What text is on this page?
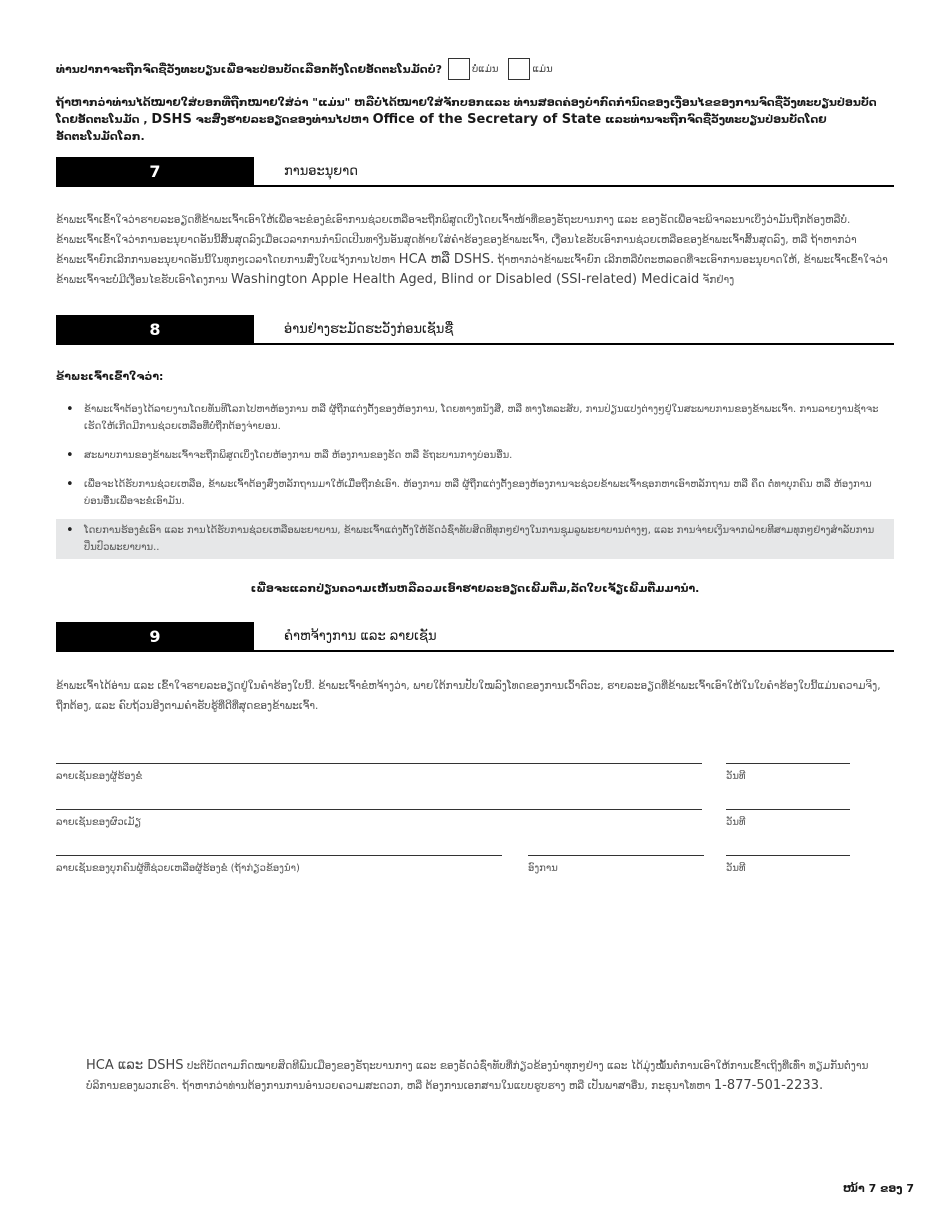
ທ່ານປາກາຈະຖືກຈົດຊື່ວັງທະບຽນເພື່ອຈະປ່ອນບັດເລືອກຕັ້ງໂດຍອັດຕະໂນມັດບໍ?	ບໍ່ແມ່ນ	ແມ່ນ
ຖ້າຫາກວ່າທ່ານໄດ້ໝາຍໃສ່ບອກທີ່ຖືກໝາຍໃສ່ວ່າ "ແມ່ນ" ຫລືບໍ່ໄດ້ໝາຍໃສ່ຈັກບອກແລະ ທ່ານສອດຄ່ອງບໍາກົດກໍານົດຂອງເງື່ອນໄຂຂອງການຈົດຊື່ວັງທະບຽນປ່ອນບັດໂດຍອັດຕະໂນມັດ , DSHS ຈະສົ່ງຮາຍລະອຽດຂອງທ່ານໄປຫາ Office of the Secretary of State ແລະທ່ານຈະຖືກຈົດຊື່ວັງທະບຽນປ່ອນບັດໂດຍອັດຕະໂນມັດໂລກ.
7	ການອະນຸຍາດ
ຂ້າພະເຈົ້າເຂົ້າໃຈວ່າຮາຍລະອຽດທີ່ຂ້າພະເຈົ້າເອົາໃຫ້ເພື່ອຈະຂໍອງຂໍເອົາການຊ່ວຍເຫລືອຈະຖືກພິສູດເບິ່ງໂດຍເຈົ້າໜ້າທີ່ຂອງຣັຖະບານກາງ ແລະ ຂອງຣັດເພື່ອຈະພິຈາລະນາເບິ່ງວ່າມັນຖືກຕ້ອງຫລືບໍ່. ຂ້າພະເຈົ້າເຂົ້າໃຈວ່າການອະນຸຍາດອັນນີ້ສິ້ນສຸດລົງເມື່ອເວລາການກໍານົດເປີນທາງີນອັນສຸດທ້າຍໃສ່ຄໍາຮ້ອງຂອງຂ້າພະເຈົ້າ, ເງື່ອນໄຂຮັບເອົາການຊ່ວຍເຫລືອຂອງຂ້າພະເຈົ້າສິ້ນສຸດລົງ, ຫລື ຖ້າຫາກວ່າຂ້າພະເຈົ້າຍົກເລີກການອະນຸຍາດອັນນີ້ໃນທຸກໆເວລາໂດຍການສົ່ງໃບແຈ້ງການໄປຫາ HCA ຫລື DSHS. ຖ້າຫາກວ່າຂ້າພະເຈົ້າຍົກ ເລີກຫລືບໍ່ຕະຫລອດທີ່ຈະເອົາການອະນຸຍາດໃຫ້, ຂ້າພະເຈົ້າເຂົ້າໃຈວ່າຂ້າພະເຈົ້າຈະບໍ່ມີເງື່ອນໄຂຮັບເອົາໂຄງການ Washington Apple Health Aged, Blind or Disabled (SSI-related) Medicaid ຈັກຢ່າງ
8	ອ່ານຢ່າງຮະມັດຮະວັງກ່ອນເຊັນຊື່
ຂ້າພະເຈົ້າເຂົ້າໃຈວ່າ:
• ຂ້າພະເຈົ້າຕ້ອງໄດ້ລາຍງານໂດຍທັນທີໂລກໄປຫາຫ້ອງການ ຫລື ຜູ້ຖືກແຕ່ງຕັ້ງຂອງຫ້ອງການ, ໂດຍທາງທນັງສື, ຫລື ທາງໂທລະສັບ, ການປ່ຽນແປງຕ່າງໆຢູ່ໃນສະພາບການຂອງຂ້າພະເຈົ້າ. ການລາຍງານຊ້າຈະເຮັດໃຫ້ເກີດມີການຊ່ວຍເຫລືອທີ່ບໍ່ຖືກຕ້ອງຈ່າຍອນ.
• ສະພາບການຂອງຂ້າພະເຈົ້າຈະຖືກພິສູດເບິ່ງໂດຍຫ້ອງການ ຫລື ຫ້ອງການຂອງຣັດ ຫລື ຣັຖະບານກາງບ່ອນອື່ນ.
• ເພື່ອຈະໄດ້ຮັບການຊ່ວຍເຫລືອ, ຂ້າພະເຈົ້າຕ້ອງສົ່ງຫລັກຖານມາໃຫ້ເມື່ອຖືກຂໍເອົາ. ຫ້ອງການ ຫລື ຜູ້ຖືກແຕ່ງຕັ້ງຂອງຫ້ອງການຈະຊ່ວຍຂ້າພະເຈົ້າຊອກຫາເອົາຫລັກຖານ ຫລື ຄຶດ ຕໍ່ທາບຸກຄົນ ຫລື ຫ້ອງການບ່ອນອື່ນເພື່ອຈະຂໍເອົາມັນ.
• ໂດຍການຮ້ອງຂໍເອົາ ແລະ ການໄດ້ຮັບການຊ່ວຍເຫລືອພະຍາບານ, ຂ້າພະເຈົ້າແຕ່ງຕັ້ງໃຫ້ຣັດວໍຊົ່າທັບສິດທີທຸກໆຢ່າງໃນການຊຸມລູພະຍາບານຕ່າງໆ, ແລະ ການຈ່າຍເງິນຈາກຝ່າຍທີສາມທຸກໆຢ່າງສໍາລັບການປິ່ນປົວພະຍາບານ..
ເພື່ອຈະແລກປ່ຽນຄວາມເຫັນຫລືລວມເອົາຮາຍລະອຽດເພີ້ມຕື່ມ,ລັດໃບເຈັ້ຽເພີ້ມຕື່ມມານໍາ.
9	ຄໍາຫຈ້າງການ ແລະ ລາຍເຊັນ
ຂ້າພະເຈົ້າໄດ້ອ່ານ ແລະ ເຂົ້າໃຈຮາຍລະອຽດຢູ່ໃນຄໍາຮ້ອງໃບນີ້. ຂ້າພະເຈົ້າຂໍຫຈ້າງວ່າ, ພາຍໃຕ້ການປັບໃໝລົງໂທດຂອງການເວົ້າຕົວະ, ຮາຍລະອຽດທີ່ຂ້າພະເຈົ້າເອົາໃຫ້ໃນໃບຄໍາຮ້ອງໃບນີ້ແມ່ນຄວາມຈິງ, ຖືກຕ້ອງ, ແລະ ຄົບຖ້ວນອີງຕາມຄໍາຮັບຮູ້ທີ່ດີທີ່ສຸດຂອງຂ້າພະເຈົ້າ.
ລາຍເຊັນຂອງຜູ້ຮ້ອງຂໍ	ວັນທີ
ລາຍເຊັນຂອງຜົວເມັຽ	ວັນທີ
ລາຍເຊັນຂອງບຸກຄົນຜູ້ທີ່ຊ່ວຍເຫລືອຜູ້ຮ້ອງຂໍ (ຖ້າກ່ຽວຂ້ອງນໍາ)	ອົງການ	ວັນທີ
HCA ແລະ DSHS ປະຕິບັດຕາມກົດໝາຍສິດທີພົນເມືອງຂອງຣັຖະບານກາງ ແລະ ຂອງຣັດວໍຊົ່າທັບທີ່ກ່ຽວຂ້ອງນໍາທຸກໆຢ່າງ ແລະ ໄດ້ມຸ່ງໝັ້ນຕໍ່ການເອົາໃຫ້ການເຂົ້າເຖິງທີ່ເທົ່າ ທຽມກັນຕໍ່ງານບໍລິການຂອງພວກເຮົາ. ຖ້າຫາກວ່າທ່ານຕ້ອງການການອໍານວຍຄວາມສະດວກ, ຫລື ຕ້ອງການເອກສານໃນແບບຮູບຮາງ ຫລື ເປັນພາສາອື່ນ, ກະຣຸນາໂທຫາ 1-877-501-2233.
ໜ້າ 7 ຂອງ 7
